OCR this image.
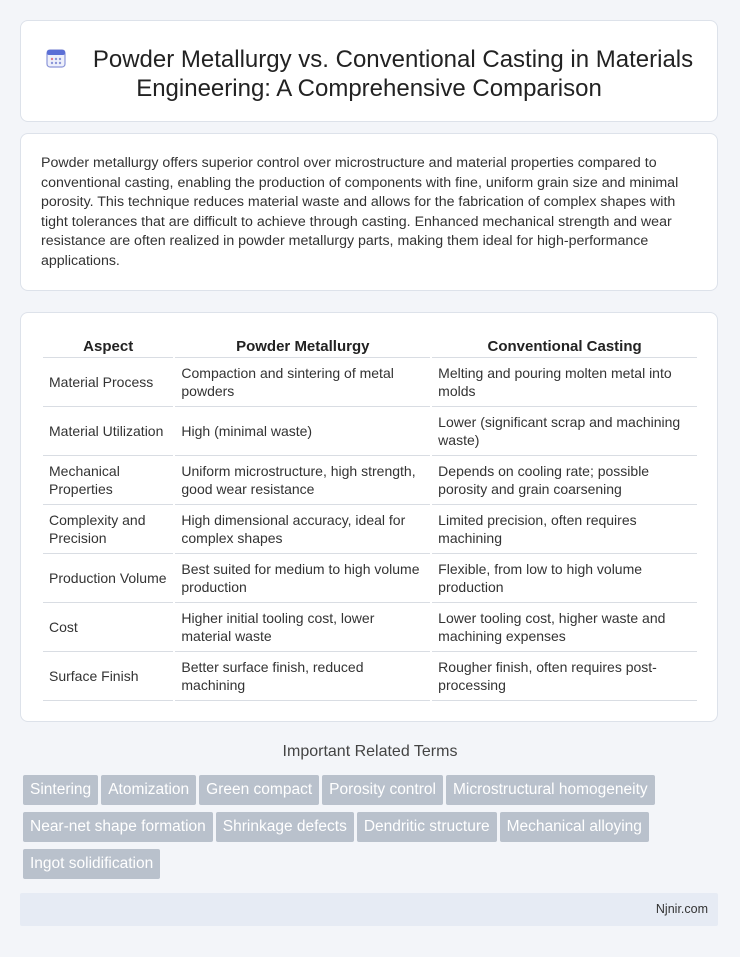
Powder Metallurgy vs. Conventional Casting in Materials
Engineering: A Comprehensive Comparison
Powder metallurgy offers superior control over microstructure and material properties compared to conventional casting, enabling the production of components with fine, uniform grain size and minimal porosity. This technique reduces material waste and allows for the fabrication of complex shapes with tight tolerances that are difficult to achieve through casting. Enhanced mechanical strength and wear resistance are often realized in powder metallurgy parts, making them ideal for high-performance applications.
Aspect	Powder Metallurgy	Conventional Casting
Material Process	Compaction and sintering of metal powders	Melting and pouring molten metal into molds
Material Utilization	High (minimal waste)	Lower (significant scrap and machining waste)
Mechanical Properties	Uniform microstructure, high strength, good wear resistance	Depends on cooling rate; possible porosity and grain coarsening
Complexity and Precision	High dimensional accuracy, ideal for complex shapes	Limited precision, often requires machining
Production Volume	Best suited for medium to high volume production	Flexible, from low to high volume production
Cost	Higher initial tooling cost, lower material waste	Lower tooling cost, higher waste and machining expenses
Surface Finish	Better surface finish, reduced machining	Rougher finish, often requires post-processing
Important Related Terms
Sintering Atomization Green compact Porosity control Microstructural homogeneity
Near-net shape formation Shrinkage defects Dendritic structure Mechanical alloying
Ingot solidification
Njnir.com
